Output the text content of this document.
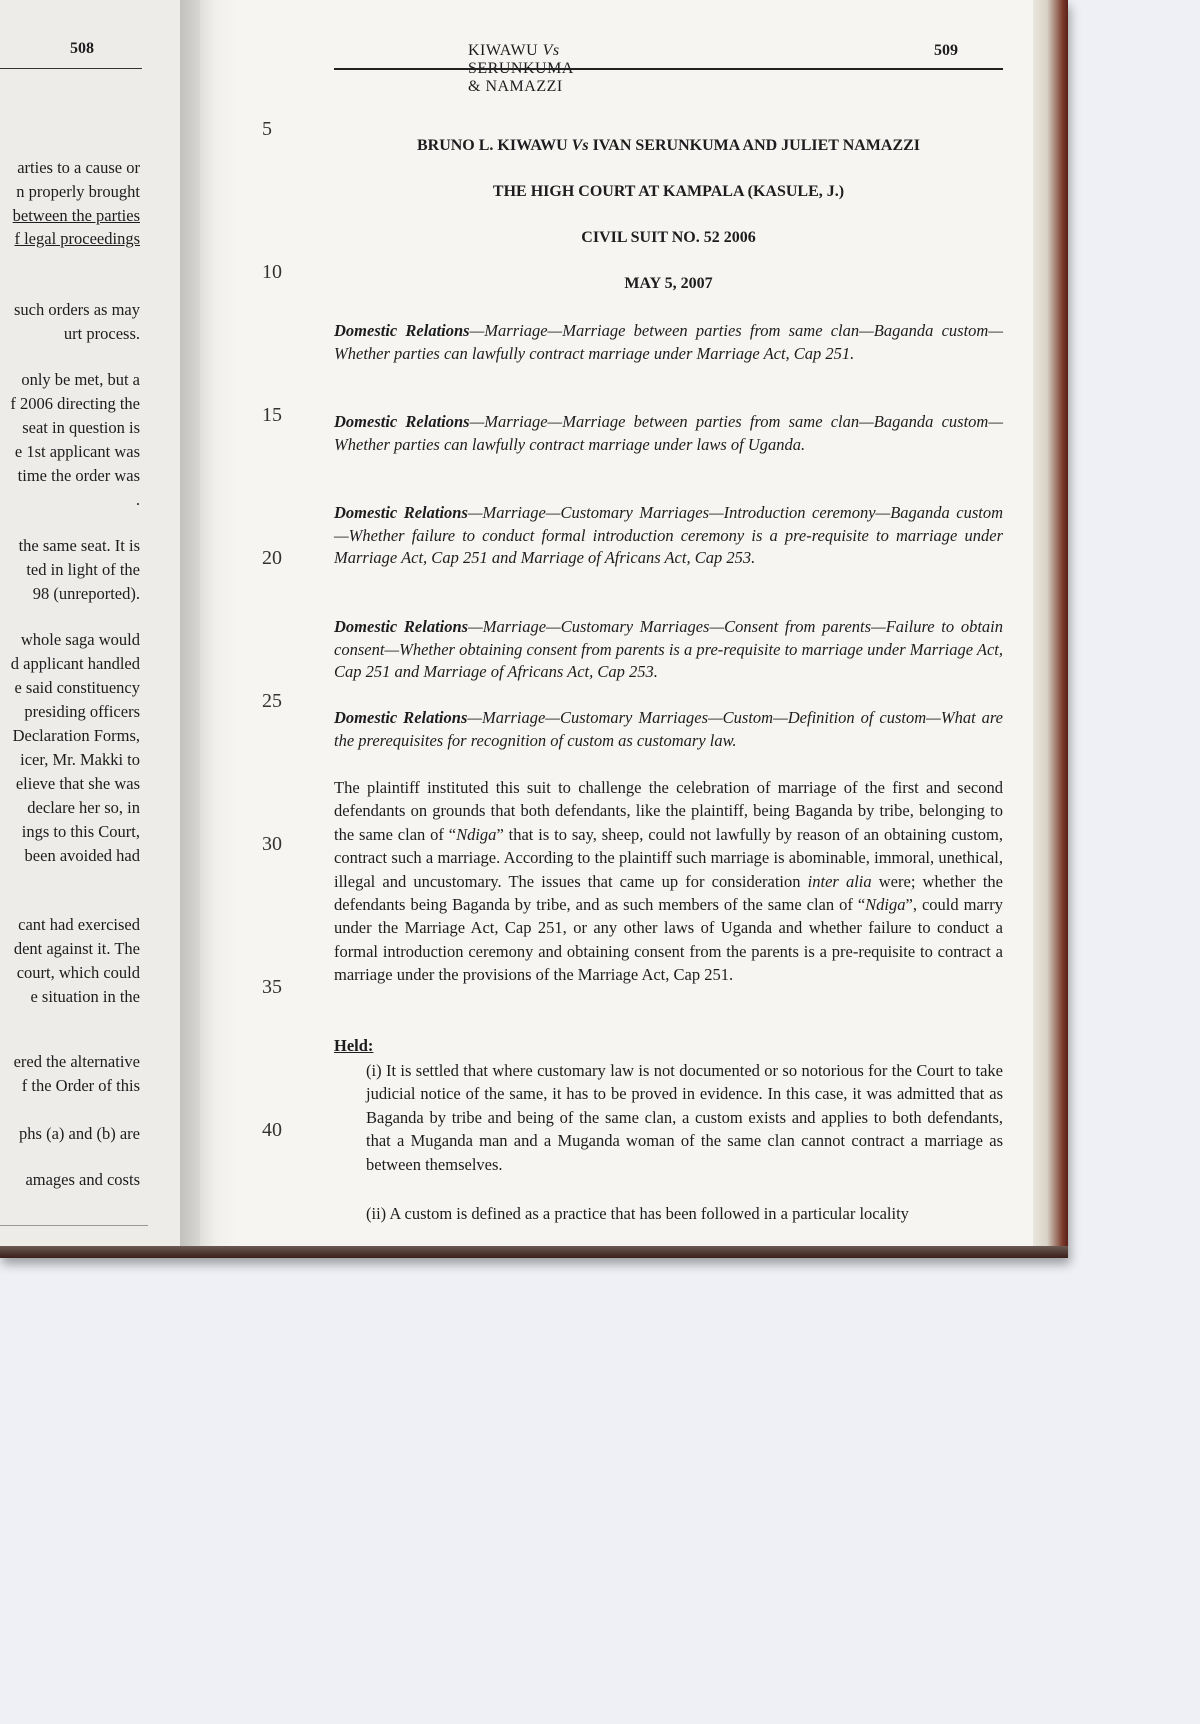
508
arties to a cause or
n properly brought
between the parties
f legal proceedings
such orders as may
urt process.
only be met, but a
f 2006 directing the
seat in question is
e 1st applicant was
time the order was
.
the same seat. It is
ted in light of the
98 (unreported).
whole saga would
d applicant handled
e said constituency
presiding officers
Declaration Forms,
icer, Mr. Makki to
elieve that she was
declare her so, in
ings to this Court,
been avoided had
cant had exercised
dent against it. The
court, which could
e situation in the
ered the alternative
f the Order of this
phs (a) and (b) are
amages and costs
KIWAWU Vs SERUNKUMA & NAMAZZI
509
5
10
15
20
25
30
35
40
BRUNO L. KIWAWU Vs IVAN SERUNKUMA AND JULIET NAMAZZI
THE HIGH COURT AT KAMPALA (KASULE, J.)
CIVIL SUIT NO. 52 2006
MAY 5, 2007
Domestic Relations—Marriage—Marriage between parties from same clan—Baganda custom—Whether parties can lawfully contract marriage under Marriage Act, Cap 251.
Domestic Relations—Marriage—Marriage between parties from same clan—Baganda custom—Whether parties can lawfully contract marriage under laws of Uganda.
Domestic Relations—Marriage—Customary Marriages—Introduction ceremony—Baganda custom—Whether failure to conduct formal introduction ceremony is a pre-requisite to marriage under Marriage Act, Cap 251 and Marriage of Africans Act, Cap 253.
Domestic Relations—Marriage—Customary Marriages—Consent from parents—Failure to obtain consent—Whether obtaining consent from parents is a pre-requisite to marriage under Marriage Act, Cap 251 and Marriage of Africans Act, Cap 253.
Domestic Relations—Marriage—Customary Marriages—Custom—Definition of custom—What are the prerequisites for recognition of custom as customary law.
The plaintiff instituted this suit to challenge the celebration of marriage of the first and second defendants on grounds that both defendants, like the plaintiff, being Baganda by tribe, belonging to the same clan of “Ndiga” that is to say, sheep, could not lawfully by reason of an obtaining custom, contract such a marriage. According to the plaintiff such marriage is abominable, immoral, unethical, illegal and uncustomary. The issues that came up for consideration inter alia were; whether the defendants being Baganda by tribe, and as such members of the same clan of “Ndiga”, could marry under the Marriage Act, Cap 251, or any other laws of Uganda and whether failure to conduct a formal introduction ceremony and obtaining consent from the parents is a pre-requisite to contract a marriage under the provisions of the Marriage Act, Cap 251.
Held:
(i) It is settled that where customary law is not documented or so notorious for the Court to take judicial notice of the same, it has to be proved in evidence. In this case, it was admitted that as Baganda by tribe and being of the same clan, a custom exists and applies to both defendants, that a Muganda man and a Muganda woman of the same clan cannot contract a marriage as between themselves.
(ii) A custom is defined as a practice that has been followed in a particular locality
